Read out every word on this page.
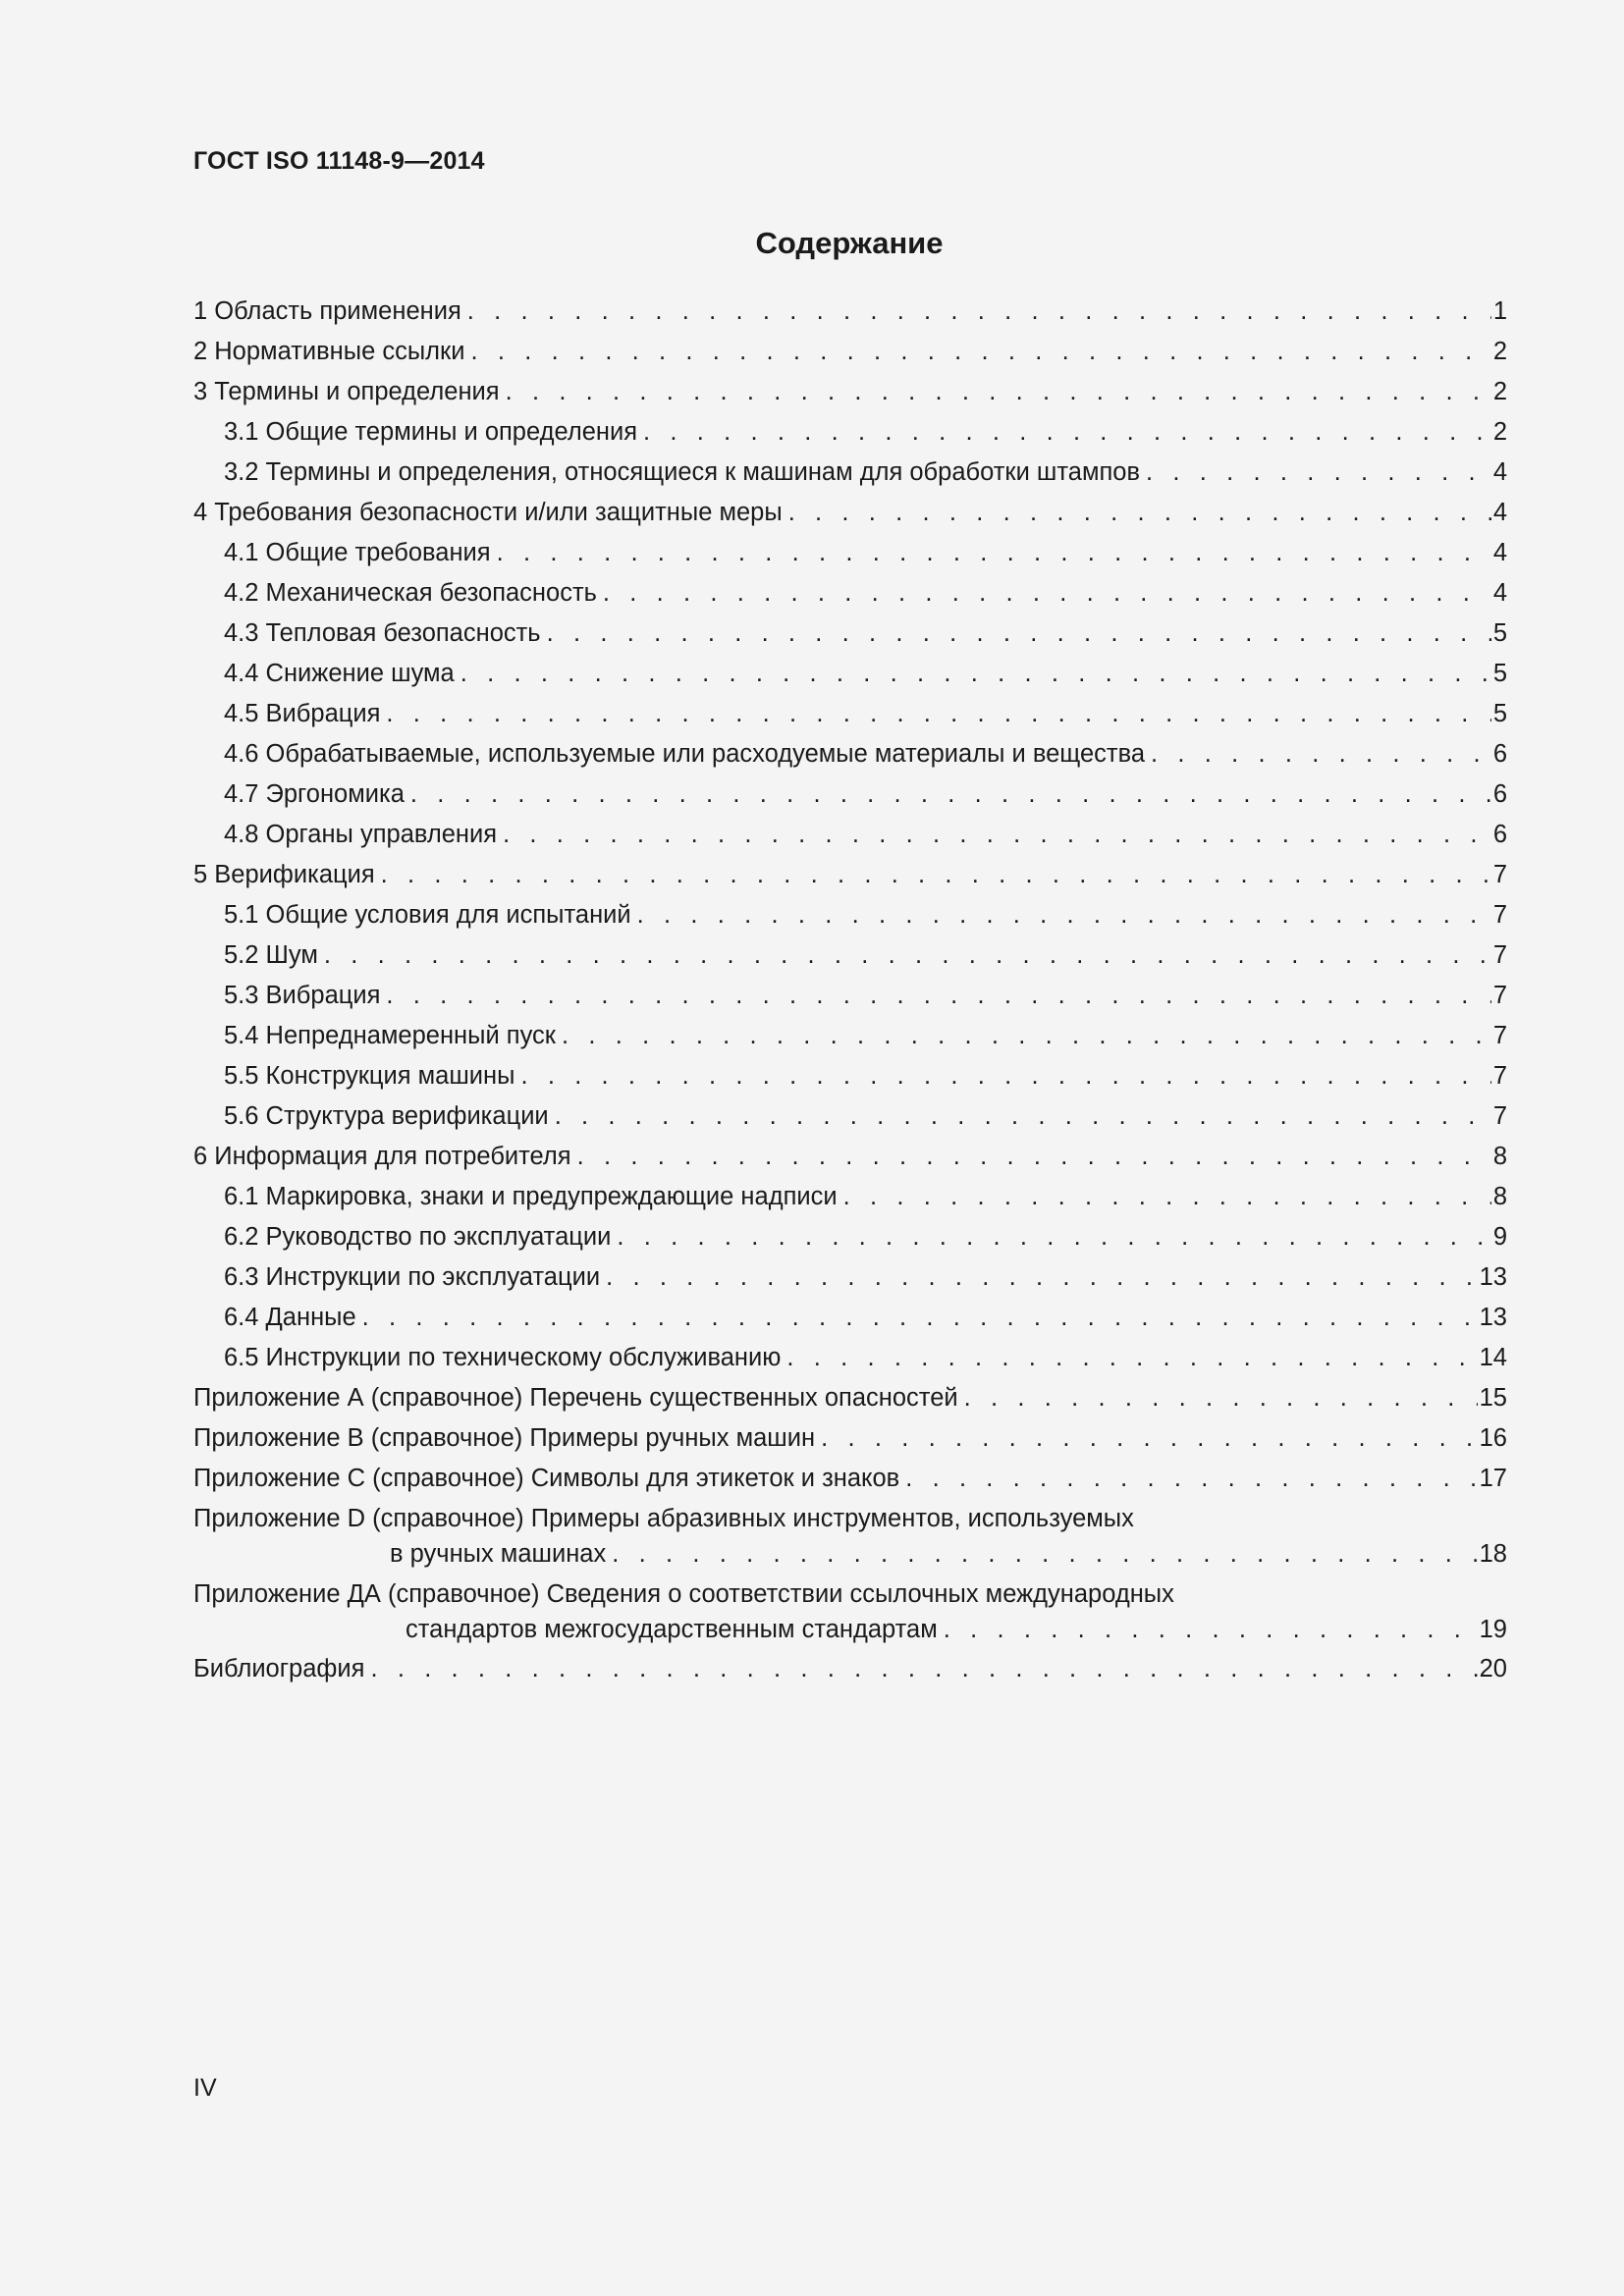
ГОСТ ISO 11148-9—2014
Содержание
1 Область применения . . .	1
2 Нормативные ссылки . . .	2
3 Термины и определения . . .	2
3.1 Общие термины и определения . . .	2
3.2 Термины и определения, относящиеся к машинам для обработки штампов . . .	4
4 Требования безопасности и/или защитные меры . . .	4
4.1 Общие требования . . .	4
4.2 Механическая безопасность . . .	4
4.3 Тепловая безопасность . . .	5
4.4 Снижение шума . . .	5
4.5 Вибрация . . .	5
4.6 Обрабатываемые, используемые или расходуемые материалы и вещества . . .	6
4.7 Эргономика . . .	6
4.8 Органы управления . . .	6
5 Верификация . . .	7
5.1 Общие условия для испытаний . . .	7
5.2 Шум . . .	7
5.3 Вибрация . . .	7
5.4 Непреднамеренный пуск . . .	7
5.5 Конструкция машины . . .	7
5.6 Структура верификации . . .	7
6 Информация для потребителя . . .	8
6.1 Маркировка, знаки и предупреждающие надписи . . .	8
6.2 Руководство по эксплуатации . . .	9
6.3 Инструкции по эксплуатации . . .	13
6.4 Данные . . .	13
6.5 Инструкции по техническому обслуживанию . . .	14
Приложение А (справочное) Перечень существенных опасностей . . .	15
Приложение В (справочное) Примеры ручных машин . . .	16
Приложение С (справочное) Символы для этикеток и знаков . . .	17
Приложение D (справочное) Примеры абразивных инструментов, используемых
в ручных машинах . . .	18
Приложение ДА (справочное) Сведения о соответствии ссылочных международных
стандартов межгосударственным стандартам . . .	19
Библиография . . .	20
IV
